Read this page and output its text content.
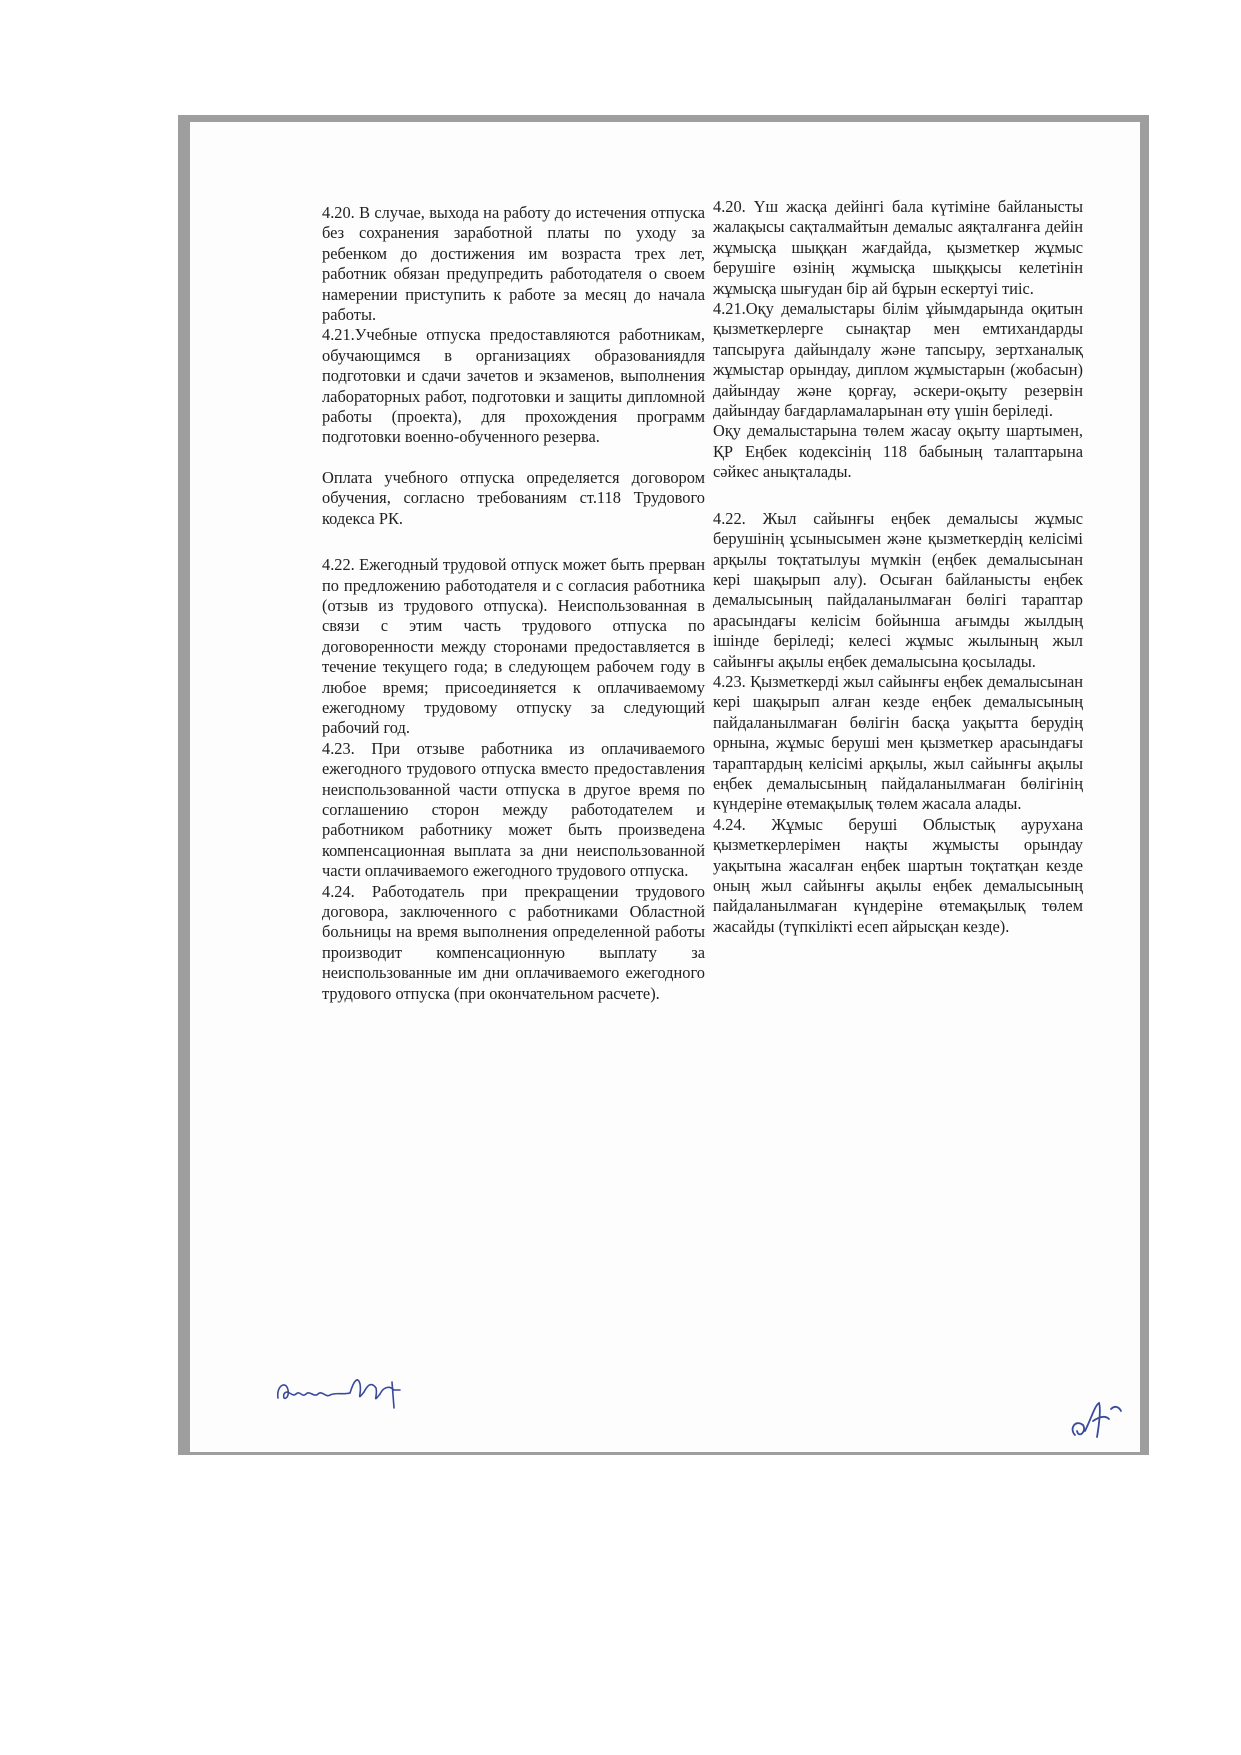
4.20. В случае, выхода на работу до истечения отпуска без сохранения заработной платы по уходу за ребенком до достижения им возраста трех лет, работник обязан предупредить работодателя о своем намерении приступить к работе за месяц до начала работы.

4.21.Учебные отпуска предоставляются работникам, обучающимся в организациях образованиядля подготовки и сдачи зачетов и экзаменов, выполнения лабораторных работ, подготовки и защиты дипломной работы (проекта), для прохождения программ подготовки военно-обученного резерва.

Оплата учебного отпуска определяется договором обучения, согласно требованиям ст.118 Трудового кодекса РК.

4.22. Ежегодный трудовой отпуск может быть прерван по предложению работодателя и с согласия работника (отзыв из трудового отпуска). Неиспользованная в связи с этим часть трудового отпуска по договоренности между сторонами предоставляется в течение текущего года; в следующем рабочем году в любое время; присоединяется к оплачиваемому ежегодному трудовому отпуску за следующий рабочий год.

4.23. При отзыве работника из оплачиваемого ежегодного трудового отпуска вместо предоставления неиспользованной части отпуска в другое время по соглашению сторон между работодателем и работником работнику может быть произведена компенсационная выплата за дни неиспользованной части оплачиваемого ежегодного трудового отпуска.

4.24. Работодатель при прекращении трудового договора, заключенного с работниками Областной больницы на время выполнения определенной работы производит компенсационную выплату за неиспользованные им дни оплачиваемого ежегодного трудового отпуска (при окончательном расчете).

4.20. Үш жасқа дейінгі бала күтіміне байланысты жалақысы сақталмайтын демалыс аяқталғанға дейін жұмысқа шыққан жағдайда, қызметкер жұмыс берушіге өзінің жұмысқа шыққысы келетінін жұмысқа шығудан бір ай бұрын ескертуі тиіс.

4.21.Оқу демалыстары білім ұйымдарында оқитын қызметкерлерге сынақтар мен емтихандарды тапсыруға дайындалу және тапсыру, зертханалық жұмыстар орындау, диплом жұмыстарын (жобасын) дайындау және қорғау, әскери-оқыту резервін дайындау бағдарламаларынан өту үшін беріледі.

Оқу демалыстарына төлем жасау оқыту шартымен, ҚР Еңбек кодексінің 118 бабының талаптарына сәйкес анықталады.

4.22. Жыл сайынғы еңбек демалысы жұмыс берушінің ұсынысымен және қызметкердің келісімі арқылы тоқтатылуы мүмкін (еңбек демалысынан кері шақырып алу). Осыған байланысты еңбек демалысының пайдаланылмаған бөлігі тараптар арасындағы келісім бойынша ағымды жылдың ішінде беріледі; келесі жұмыс жылының жыл сайынғы ақылы еңбек демалысына қосылады.

4.23. Қызметкерді жыл сайынғы еңбек демалысынан кері шақырып алған кезде еңбек демалысының пайдаланылмаған бөлігін басқа уақытта берудің орнына, жұмыс беруші мен қызметкер арасындағы тараптардың келісімі арқылы, жыл сайынғы ақылы еңбек демалысының пайдаланылмаған бөлігінің күндеріне өтемақылық төлем жасала алады.

4.24. Жұмыс беруші Облыстық аурухана қызметкерлерімен нақты жұмысты орындау уақытына жасалған еңбек шартын тоқтатқан кезде оның жыл сайынғы ақылы еңбек демалысының пайдаланылмаған күндеріне өтемақылық төлем жасайды (түпкілікті есеп айрысқан кезде).
